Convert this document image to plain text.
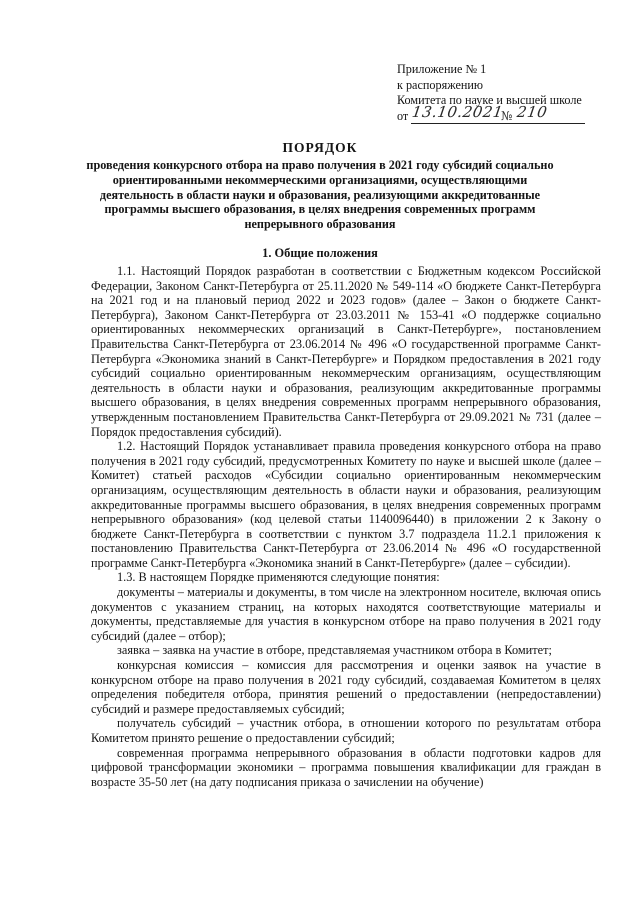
Приложение № 1
к распоряжению
Комитета по науке и высшей школе
от 13.10.2021
№ 210
ПОРЯДОК
проведения конкурсного отбора на право получения в 2021 году субсидий социально ориентированными некоммерческими организациями, осуществляющими деятельность в области науки и образования, реализующими аккредитованные программы высшего образования, в целях внедрения современных программ непрерывного образования
1. Общие положения

1.1. Настоящий Порядок разработан в соответствии с Бюджетным кодексом Российской Федерации, Законом Санкт-Петербурга от 25.11.2020 № 549-114 «О бюджете Санкт-Петербурга на 2021 год и на плановый период 2022 и 2023 годов» (далее – Закон о бюджете Санкт-Петербурга), Законом Санкт-Петербурга от 23.03.2011 № 153-41 «О поддержке социально ориентированных некоммерческих организаций в Санкт-Петербурге», постановлением Правительства Санкт-Петербурга от 23.06.2014 № 496 «О государственной программе Санкт-Петербурга «Экономика знаний в Санкт-Петербурге» и Порядком предоставления в 2021 году субсидий социально ориентированным некоммерческим организациям, осуществляющим деятельность в области науки и образования, реализующим аккредитованные программы высшего образования, в целях внедрения современных программ непрерывного образования, утвержденным постановлением Правительства Санкт-Петербурга от 29.09.2021 № 731 (далее – Порядок предоставления субсидий).

1.2. Настоящий Порядок устанавливает правила проведения конкурсного отбора на право получения в 2021 году субсидий, предусмотренных Комитету по науке и высшей школе (далее – Комитет) статьей расходов «Субсидии социально ориентированным некоммерческим организациям, осуществляющим деятельность в области науки и образования, реализующим аккредитованные программы высшего образования, в целях внедрения современных программ непрерывного образования» (код целевой статьи 1140096440) в приложении 2 к Закону о бюджете Санкт-Петербурга в соответствии с пунктом 3.7 подраздела 11.2.1 приложения к постановлению Правительства Санкт-Петербурга от 23.06.2014 № 496 «О государственной программе Санкт-Петербурга «Экономика знаний в Санкт-Петербурге» (далее – субсидии).

1.3. В настоящем Порядке применяются следующие понятия:

документы – материалы и документы, в том числе на электронном носителе, включая опись документов с указанием страниц, на которых находятся соответствующие материалы и документы, представляемые для участия в конкурсном отборе на право получения в 2021 году субсидий (далее – отбор);

заявка – заявка на участие в отборе, представляемая участником отбора в Комитет;

конкурсная комиссия – комиссия для рассмотрения и оценки заявок на участие в конкурсном отборе на право получения в 2021 году субсидий, создаваемая Комитетом в целях определения победителя отбора, принятия решений о предоставлении (непредоставлении) субсидий и размере предоставляемых субсидий;

получатель субсидий – участник отбора, в отношении которого по результатам отбора Комитетом принято решение о предоставлении субсидий;

современная программа непрерывного образования в области подготовки кадров для цифровой трансформации экономики – программа повышения квалификации для граждан в возрасте 35-50 лет (на дату подписания приказа о зачислении на обучение)
